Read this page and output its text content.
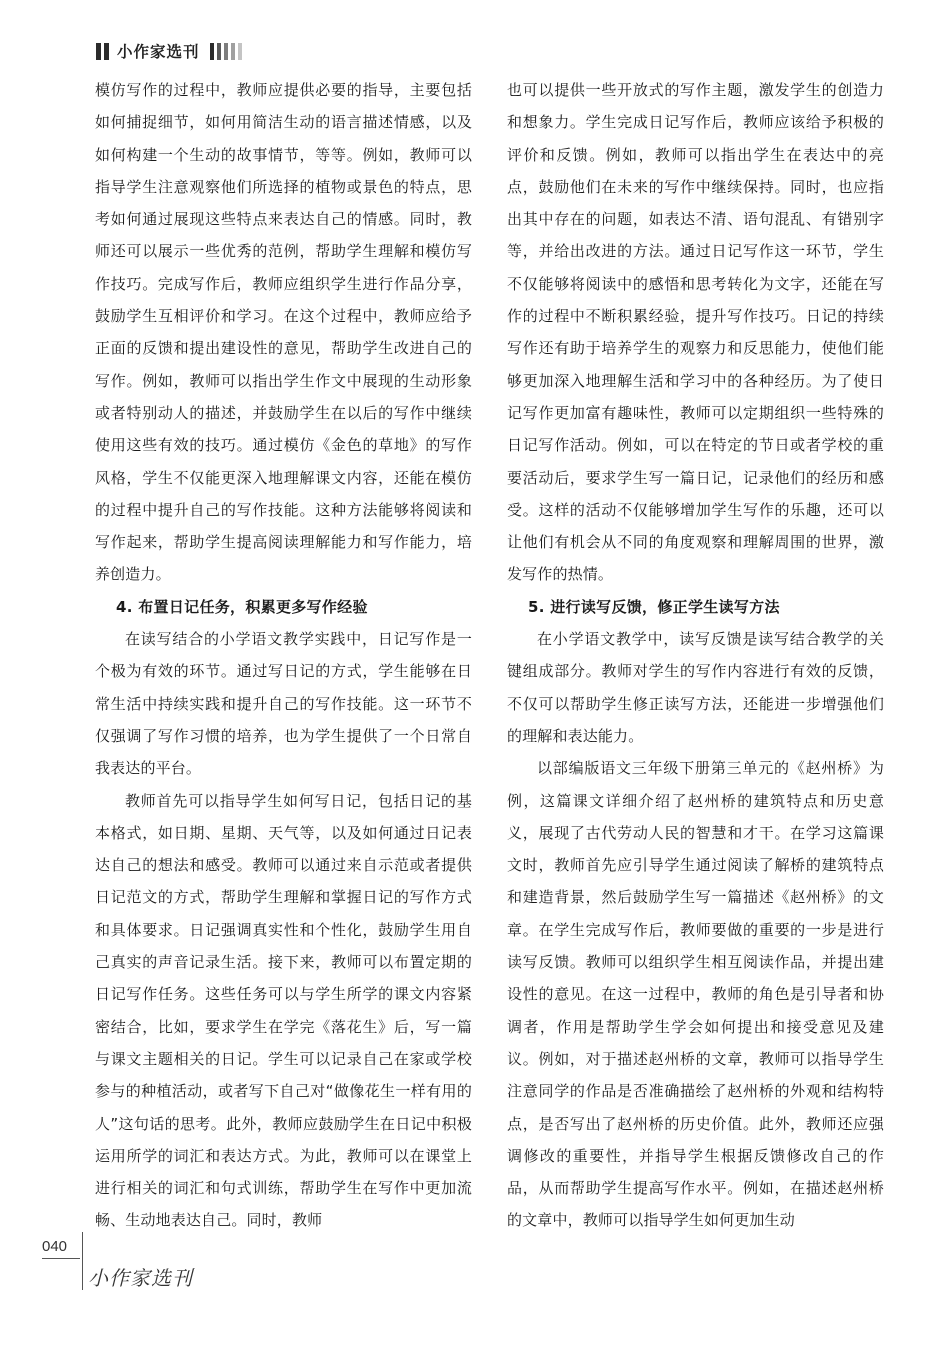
小作家选刊

模仿写作的过程中，教师应提供必要的指导，主要包括如何捕捉细节，如何用简洁生动的语言描述情感，以及如何构建一个生动的故事情节，等等。例如，教师可以指导学生注意观察他们所选择的植物或景色的特点，思考如何通过展现这些特点来表达自己的情感。同时，教师还可以展示一些优秀的范例，帮助学生理解和模仿写作技巧。完成写作后，教师应组织学生进行作品分享，鼓励学生互相评价和学习。在这个过程中，教师应给予正面的反馈和提出建设性的意见，帮助学生改进自己的写作。例如，教师可以指出学生作文中展现的生动形象或者特别动人的描述，并鼓励学生在以后的写作中继续使用这些有效的技巧。通过模仿《金色的草地》的写作风格，学生不仅能更深入地理解课文内容，还能在模仿的过程中提升自己的写作技能。这种方法能够将阅读和写作起来，帮助学生提高阅读理解能力和写作能力，培养创造力。

4. 布置日记任务，积累更多写作经验

在读写结合的小学语文教学实践中，日记写作是一个极为有效的环节。通过写日记的方式，学生能够在日常生活中持续实践和提升自己的写作技能。这一环节不仅强调了写作习惯的培养，也为学生提供了一个日常自我表达的平台。

教师首先可以指导学生如何写日记，包括日记的基本格式，如日期、星期、天气等，以及如何通过日记表达自己的想法和感受。教师可以通过来自示范或者提供日记范文的方式，帮助学生理解和掌握日记的写作方式和具体要求。日记强调真实性和个性化，鼓励学生用自己真实的声音记录生活。接下来，教师可以布置定期的日记写作任务。这些任务可以与学生所学的课文内容紧密结合，比如，要求学生在学完《落花生》后，写一篇与课文主题相关的日记。学生可以记录自己在家或学校参与的种植活动，或者写下自己对“做像花生一样有用的人”这句话的思考。此外，教师应鼓励学生在日记中积极运用所学的词汇和表达方式。为此，教师可以在课堂上进行相关的词汇和句式训练，帮助学生在写作中更加流畅、生动地表达自己。同时，教师

也可以提供一些开放式的写作主题，激发学生的创造力和想象力。学生完成日记写作后，教师应该给予积极的评价和反馈。例如，教师可以指出学生在表达中的亮点，鼓励他们在未来的写作中继续保持。同时，也应指出其中存在的问题，如表达不清、语句混乱、有错别字等，并给出改进的方法。通过日记写作这一环节，学生不仅能够将阅读中的感悟和思考转化为文字，还能在写作的过程中不断积累经验，提升写作技巧。日记的持续写作还有助于培养学生的观察力和反思能力，使他们能够更加深入地理解生活和学习中的各种经历。为了使日记写作更加富有趣味性，教师可以定期组织一些特殊的日记写作活动。例如，可以在特定的节日或者学校的重要活动后，要求学生写一篇日记，记录他们的经历和感受。这样的活动不仅能够增加学生写作的乐趣，还可以让他们有机会从不同的角度观察和理解周围的世界，激发写作的热情。

5. 进行读写反馈，修正学生读写方法

在小学语文教学中，读写反馈是读写结合教学的关键组成部分。教师对学生的写作内容进行有效的反馈，不仅可以帮助学生修正读写方法，还能进一步增强他们的理解和表达能力。

以部编版语文三年级下册第三单元的《赵州桥》为例，这篇课文详细介绍了赵州桥的建筑特点和历史意义，展现了古代劳动人民的智慧和才干。在学习这篇课文时，教师首先应引导学生通过阅读了解桥的建筑特点和建造背景，然后鼓励学生写一篇描述《赵州桥》的文章。在学生完成写作后，教师要做的重要的一步是进行读写反馈。教师可以组织学生相互阅读作品，并提出建设性的意见。在这一过程中，教师的角色是引导者和协调者，作用是帮助学生学会如何提出和接受意见及建议。例如，对于描述赵州桥的文章，教师可以指导学生注意同学的作品是否准确描绘了赵州桥的外观和结构特点，是否写出了赵州桥的历史价值。此外，教师还应强调修改的重要性，并指导学生根据反馈修改自己的作品，从而帮助学生提高写作水平。例如，在描述赵州桥的文章中，教师可以指导学生如何更加生动

040
小作家选刊
